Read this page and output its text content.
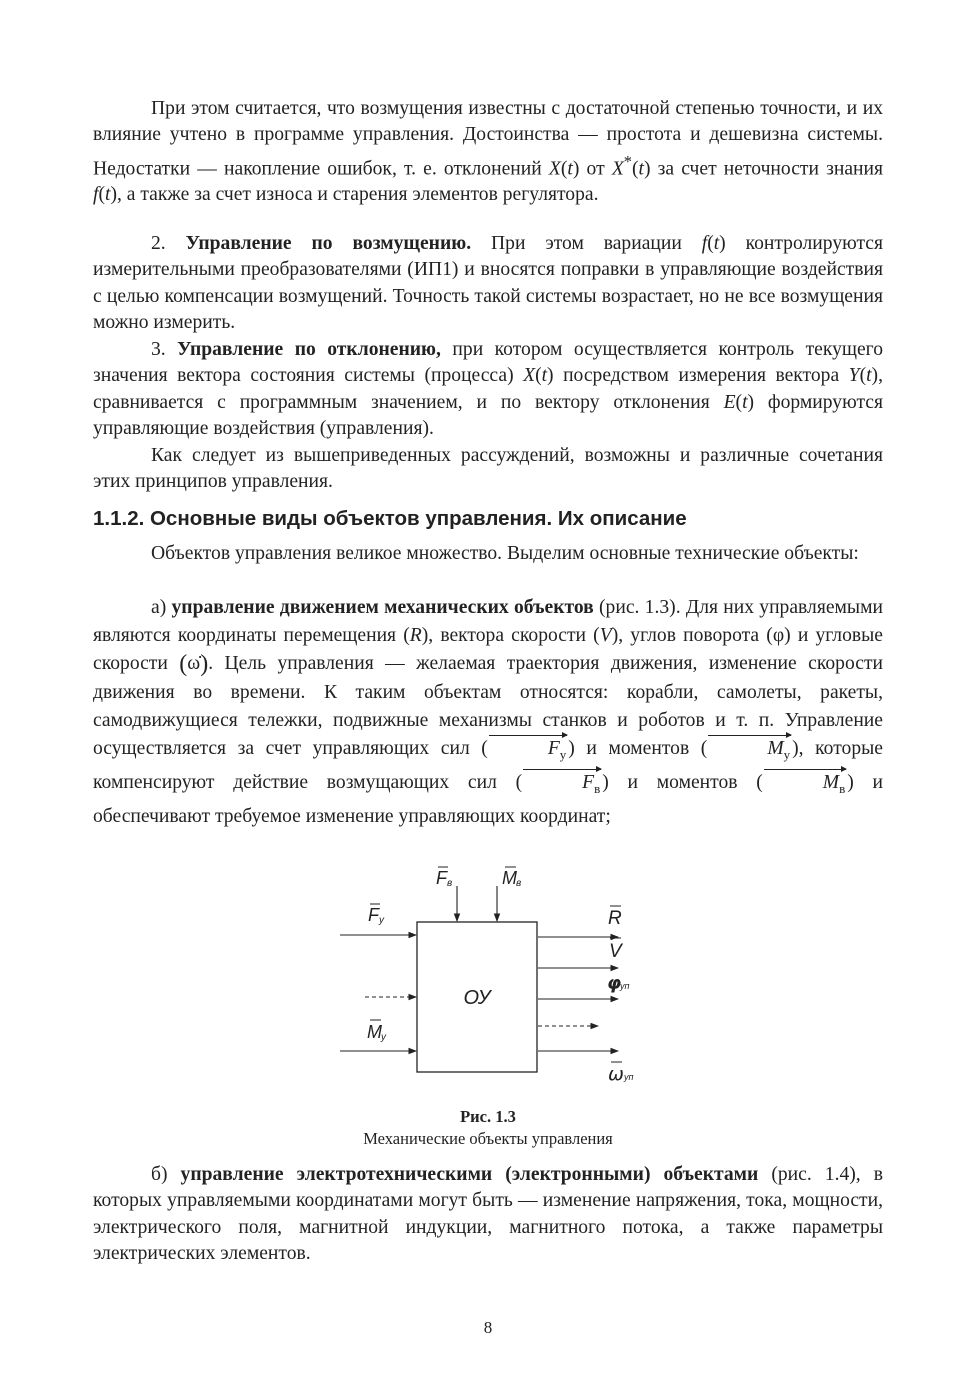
При этом считается, что возмущения известны с достаточной степенью точности, и их влияние учтено в программе управления. Достоинства — простота и дешевизна системы. Недостатки — накопление ошибок, т. е. отклонений X(t) от X*(t) за счет неточности знания f(t), а также за счет износа и старения элементов регулятора.

2. Управление по возмущению. При этом вариации f(t) контролируются измерительными преобразователями (ИП1) и вносятся поправки в управляющие воздействия с целью компенсации возмущений. Точность такой системы возрастает, но не все возмущения можно измерить.

3. Управление по отклонению, при котором осуществляется контроль текущего значения вектора состояния системы (процесса) X(t) посредством измерения вектора Y(t), сравнивается с программным значением, и по вектору отклонения E(t) формируются управляющие воздействия (управления).

Как следует из вышеприведенных рассуждений, возможны и различные сочетания этих принципов управления.

1.1.2. Основные виды объектов управления. Их описание

Объектов управления великое множество. Выделим основные технические объекты:

а) управление движением механических объектов (рис. 1.3). Для них управляемыми являются координаты перемещения (R), вектора скорости (V), углов поворота (φ) и угловые скорости (ω̇). Цель управления — желаемая траектория движения, изменение скорости движения во времени. К таким объектам относятся: корабли, самолеты, ракеты, самодвижущиеся тележки, подвижные механизмы станков и роботов и т. п. Управление осуществляется за счет управляющих сил (	$F_у$ ) и моментов (	$M_у$ ), которые компенсируют действие возмущающих сил (	$F_в$ ) и моментов (	$M_в$ ) и обеспечивают требуемое изменение управляющих координат;

ОУ
F в	M в
F у
M у
R
V
φ
уп
ω уп

Рис. 1.3

Механические объекты управления

б) управление электротехническими (электронными) объектами (рис. 1.4), в которых управляемыми координатами могут быть — изменение напряжения, тока, мощности, электрического поля, магнитной индукции, магнитного потока, а также параметры электрических элементов.

8
